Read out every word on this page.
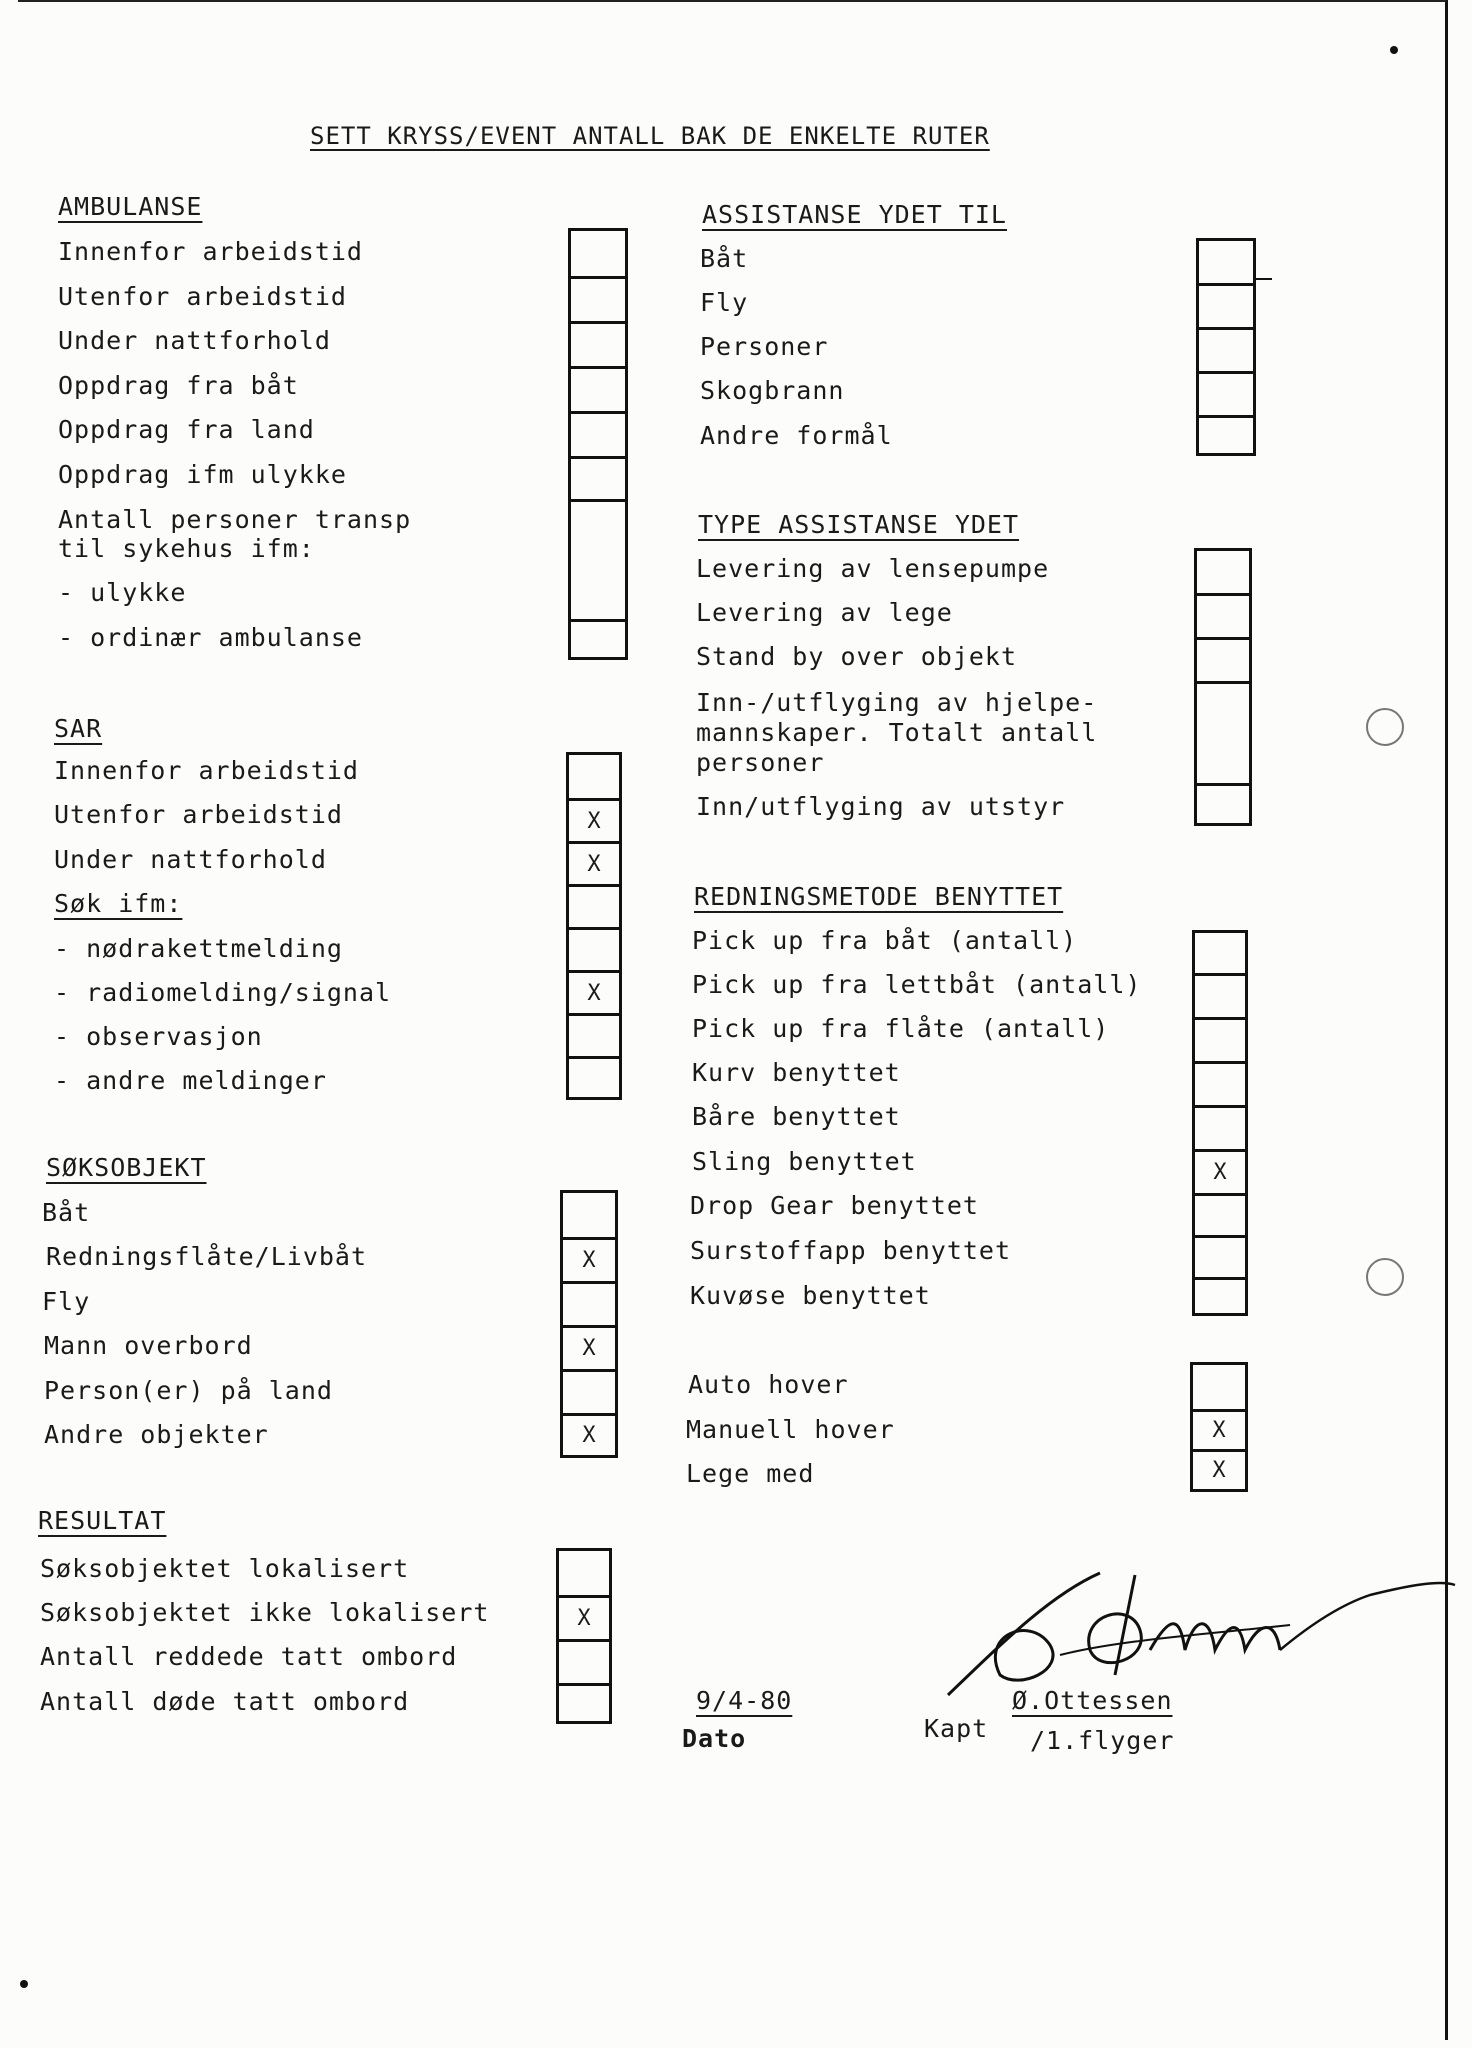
SETT KRYSS/EVENT ANTALL BAK DE ENKELTE RUTER
AMBULANSE
Innenfor arbeidstid
Utenfor arbeidstid
Under nattforhold
Oppdrag fra båt
Oppdrag fra land
Oppdrag ifm ulykke
Antall personer transp
til sykehus ifm:
- ulykke
- ordinær ambulanse
SAR
Innenfor arbeidstid
Utenfor arbeidstid
Under nattforhold
Søk ifm:
- nødrakettmelding
- radiomelding/signal
- observasjon
- andre meldinger
X
X
X
SØKSOBJEKT
Båt
Redningsflåte/Livbåt
Fly
Mann overbord
Person(er) på land
Andre objekter
X
X
X
RESULTAT
Søksobjektet lokalisert
Søksobjektet ikke lokalisert
Antall reddede tatt ombord
Antall døde tatt ombord
X
ASSISTANSE YDET TIL
Båt
Fly
Personer
Skogbrann
Andre formål
TYPE ASSISTANSE YDET
Levering av lensepumpe
Levering av lege
Stand by over objekt
Inn-/utflyging av hjelpe-
mannskaper. Totalt antall
personer
Inn/utflyging av utstyr
REDNINGSMETODE BENYTTET
Pick up fra båt (antall)
Pick up fra lettbåt (antall)
Pick up fra flåte (antall)
Kurv benyttet
Båre benyttet
Sling benyttet
Drop Gear benyttet
Surstoffapp benyttet
Kuvøse benyttet
X
Auto hover
Manuell hover
Lege med
X
X
9/4-80
Dato	Kapt
Ø.Ottessen
/1.flyger
